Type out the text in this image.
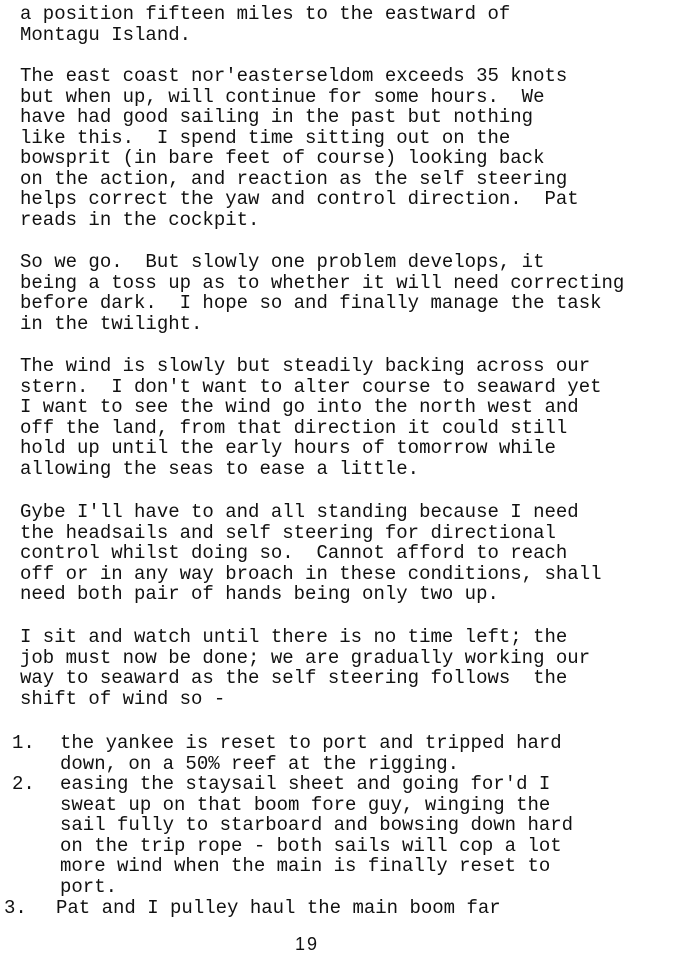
a position fifteen miles to the eastward of
Montagu Island.

The east coast nor'easterseldom exceeds 35 knots
but when up, will continue for some hours.  We
have had good sailing in the past but nothing
like this.  I spend time sitting out on the
bowsprit (in bare feet of course) looking back
on the action, and reaction as the self steering
helps correct the yaw and control direction.  Pat
reads in the cockpit.

So we go.  But slowly one problem develops, it
being a toss up as to whether it will need correcting
before dark.  I hope so and finally manage the task
in the twilight.

The wind is slowly but steadily backing across our
stern.  I don't want to alter course to seaward yet
I want to see the wind go into the north west and
off the land, from that direction it could still
hold up until the early hours of tomorrow while
allowing the seas to ease a little.

Gybe I'll have to and all standing because I need
the headsails and self steering for directional
control whilst doing so.  Cannot afford to reach
off or in any way broach in these conditions, shall
need both pair of hands being only two up.

I sit and watch until there is no time left; the
job must now be done; we are gradually working our
way to seaward as the self steering follows  the
shift of wind so -

1. the yankee is reset to port and tripped hard
down, on a 50% reef at the rigging.
2. easing the staysail sheet and going for'd I
sweat up on that boom fore guy, winging the
sail fully to starboard and bowsing down hard
on the trip rope - both sails will cop a lot
more wind when the main is finally reset to
port.
3. Pat and I pulley haul the main boom far
19
